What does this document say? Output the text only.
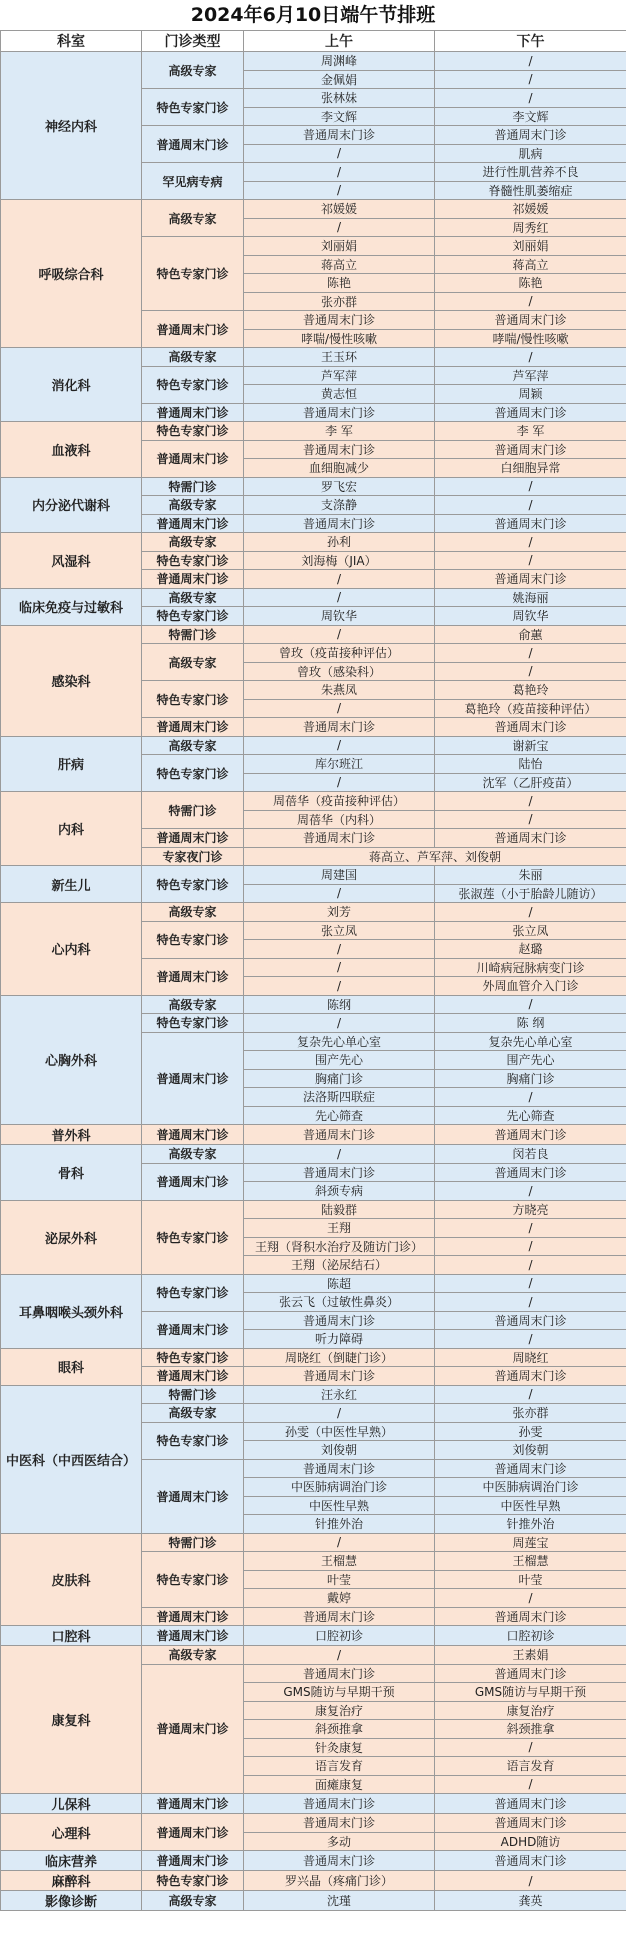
2024年6月10日端午节排班
科室	门诊类型	上午	下午
神经内科	高级专家	周渊峰	/
		金佩娟	/
	特色专家门诊	张林妹	/
		李文辉	李文辉
	普通周末门诊	普通周末门诊	普通周末门诊
		/	肌病
	罕见病专病	/	进行性肌营养不良
		/	脊髓性肌萎缩症
呼吸综合科	高级专家	祁媛媛	祁媛媛
		/	周秀红
	特色专家门诊	刘丽娟	刘丽娟
		蒋高立	蒋高立
		陈艳	陈艳
		张亦群	/
	普通周末门诊	普通周末门诊	普通周末门诊
		哮喘/慢性咳嗽	哮喘/慢性咳嗽
消化科	高级专家	王玉环	/
	特色专家门诊	芦军萍	芦军萍
		黄志恒	周颖
	普通周末门诊	普通周末门诊	普通周末门诊
血液科	特色专家门诊	李 军	李 军
	普通周末门诊	普通周末门诊	普通周末门诊
		血细胞减少	白细胞异常
内分泌代谢科	特需门诊	罗飞宏	/
	高级专家	支涤静	/
	普通周末门诊	普通周末门诊	普通周末门诊
风湿科	高级专家	孙利	/
	特色专家门诊	刘海梅（JIA）	/
	普通周末门诊	/	普通周末门诊
临床免疫与过敏科	高级专家	/	姚海丽
	特色专家门诊	周钦华	周钦华
感染科	特需门诊	/	俞蕙
	高级专家	曾玫（疫苗接种评估）	/
		曾玫（感染科）	/
	特色专家门诊	朱燕凤	葛艳玲
		/	葛艳玲（疫苗接种评估）
	普通周末门诊	普通周末门诊	普通周末门诊
肝病	高级专家	/	谢新宝
	特色专家门诊	库尔班江	陆怡
		/	沈军（乙肝疫苗）
内科	特需门诊	周蓓华（疫苗接种评估）	/
		周蓓华（内科）	/
	普通周末门诊	普通周末门诊	普通周末门诊
	专家夜门诊	蒋高立、芦军萍、刘俊朝	
新生儿	特色专家门诊	周建国	朱丽
		/	张淑莲（小于胎龄儿随访）
心内科	高级专家	刘芳	/
	特色专家门诊	张立凤	张立凤
		/	赵璐
	普通周末门诊	/	川崎病冠脉病变门诊
		/	外周血管介入门诊
心胸外科	高级专家	陈纲	/
	特色专家门诊	/	陈 纲
	普通周末门诊	复杂先心单心室	复杂先心单心室
		围产先心	围产先心
		胸痛门诊	胸痛门诊
		法洛斯四联症	/
		先心筛查	先心筛查
普外科	普通周末门诊	普通周末门诊	普通周末门诊
骨科	高级专家	/	闵若良
	普通周末门诊	普通周末门诊	普通周末门诊
		斜颈专病	/
泌尿外科	特色专家门诊	陆毅群	方晓亮
		王翔	/
		王翔（肾积水治疗及随访门诊）	/
		王翔（泌尿结石）	/
耳鼻咽喉头颈外科	特色专家门诊	陈超	/
		张云飞（过敏性鼻炎）	/
	普通周末门诊	普通周末门诊	普通周末门诊
		听力障碍	/
眼科	特色专家门诊	周晓红（倒睫门诊）	周晓红
	普通周末门诊	普通周末门诊	普通周末门诊
中医科（中西医结合）	特需门诊	汪永红	/
	高级专家	/	张亦群
	特色专家门诊	孙雯（中医性早熟）	孙雯
		刘俊朝	刘俊朝
	普通周末门诊	普通周末门诊	普通周末门诊
		中医肺病调治门诊	中医肺病调治门诊
		中医性早熟	中医性早熟
		针推外治	针推外治
皮肤科	特需门诊	/	周莲宝
	特色专家门诊	王榴慧	王榴慧
		叶莹	叶莹
		戴婷	/
	普通周末门诊	普通周末门诊	普通周末门诊
口腔科	普通周末门诊	口腔初诊	口腔初诊
康复科	高级专家	/	王素娟
	普通周末门诊	普通周末门诊	普通周末门诊
		GMS随访与早期干预	GMS随访与早期干预
		康复治疗	康复治疗
		斜颈推拿	斜颈推拿
		针灸康复	/
		语言发育	语言发育
		面瘫康复	/
儿保科	普通周末门诊	普通周末门诊	普通周末门诊
心理科	普通周末门诊	普通周末门诊	普通周末门诊
		多动	ADHD随访
临床营养	普通周末门诊	普通周末门诊	普通周末门诊
麻醉科	特色专家门诊	罗兴晶（疼痛门诊）	/
影像诊断	高级专家	沈瑾	龚英
